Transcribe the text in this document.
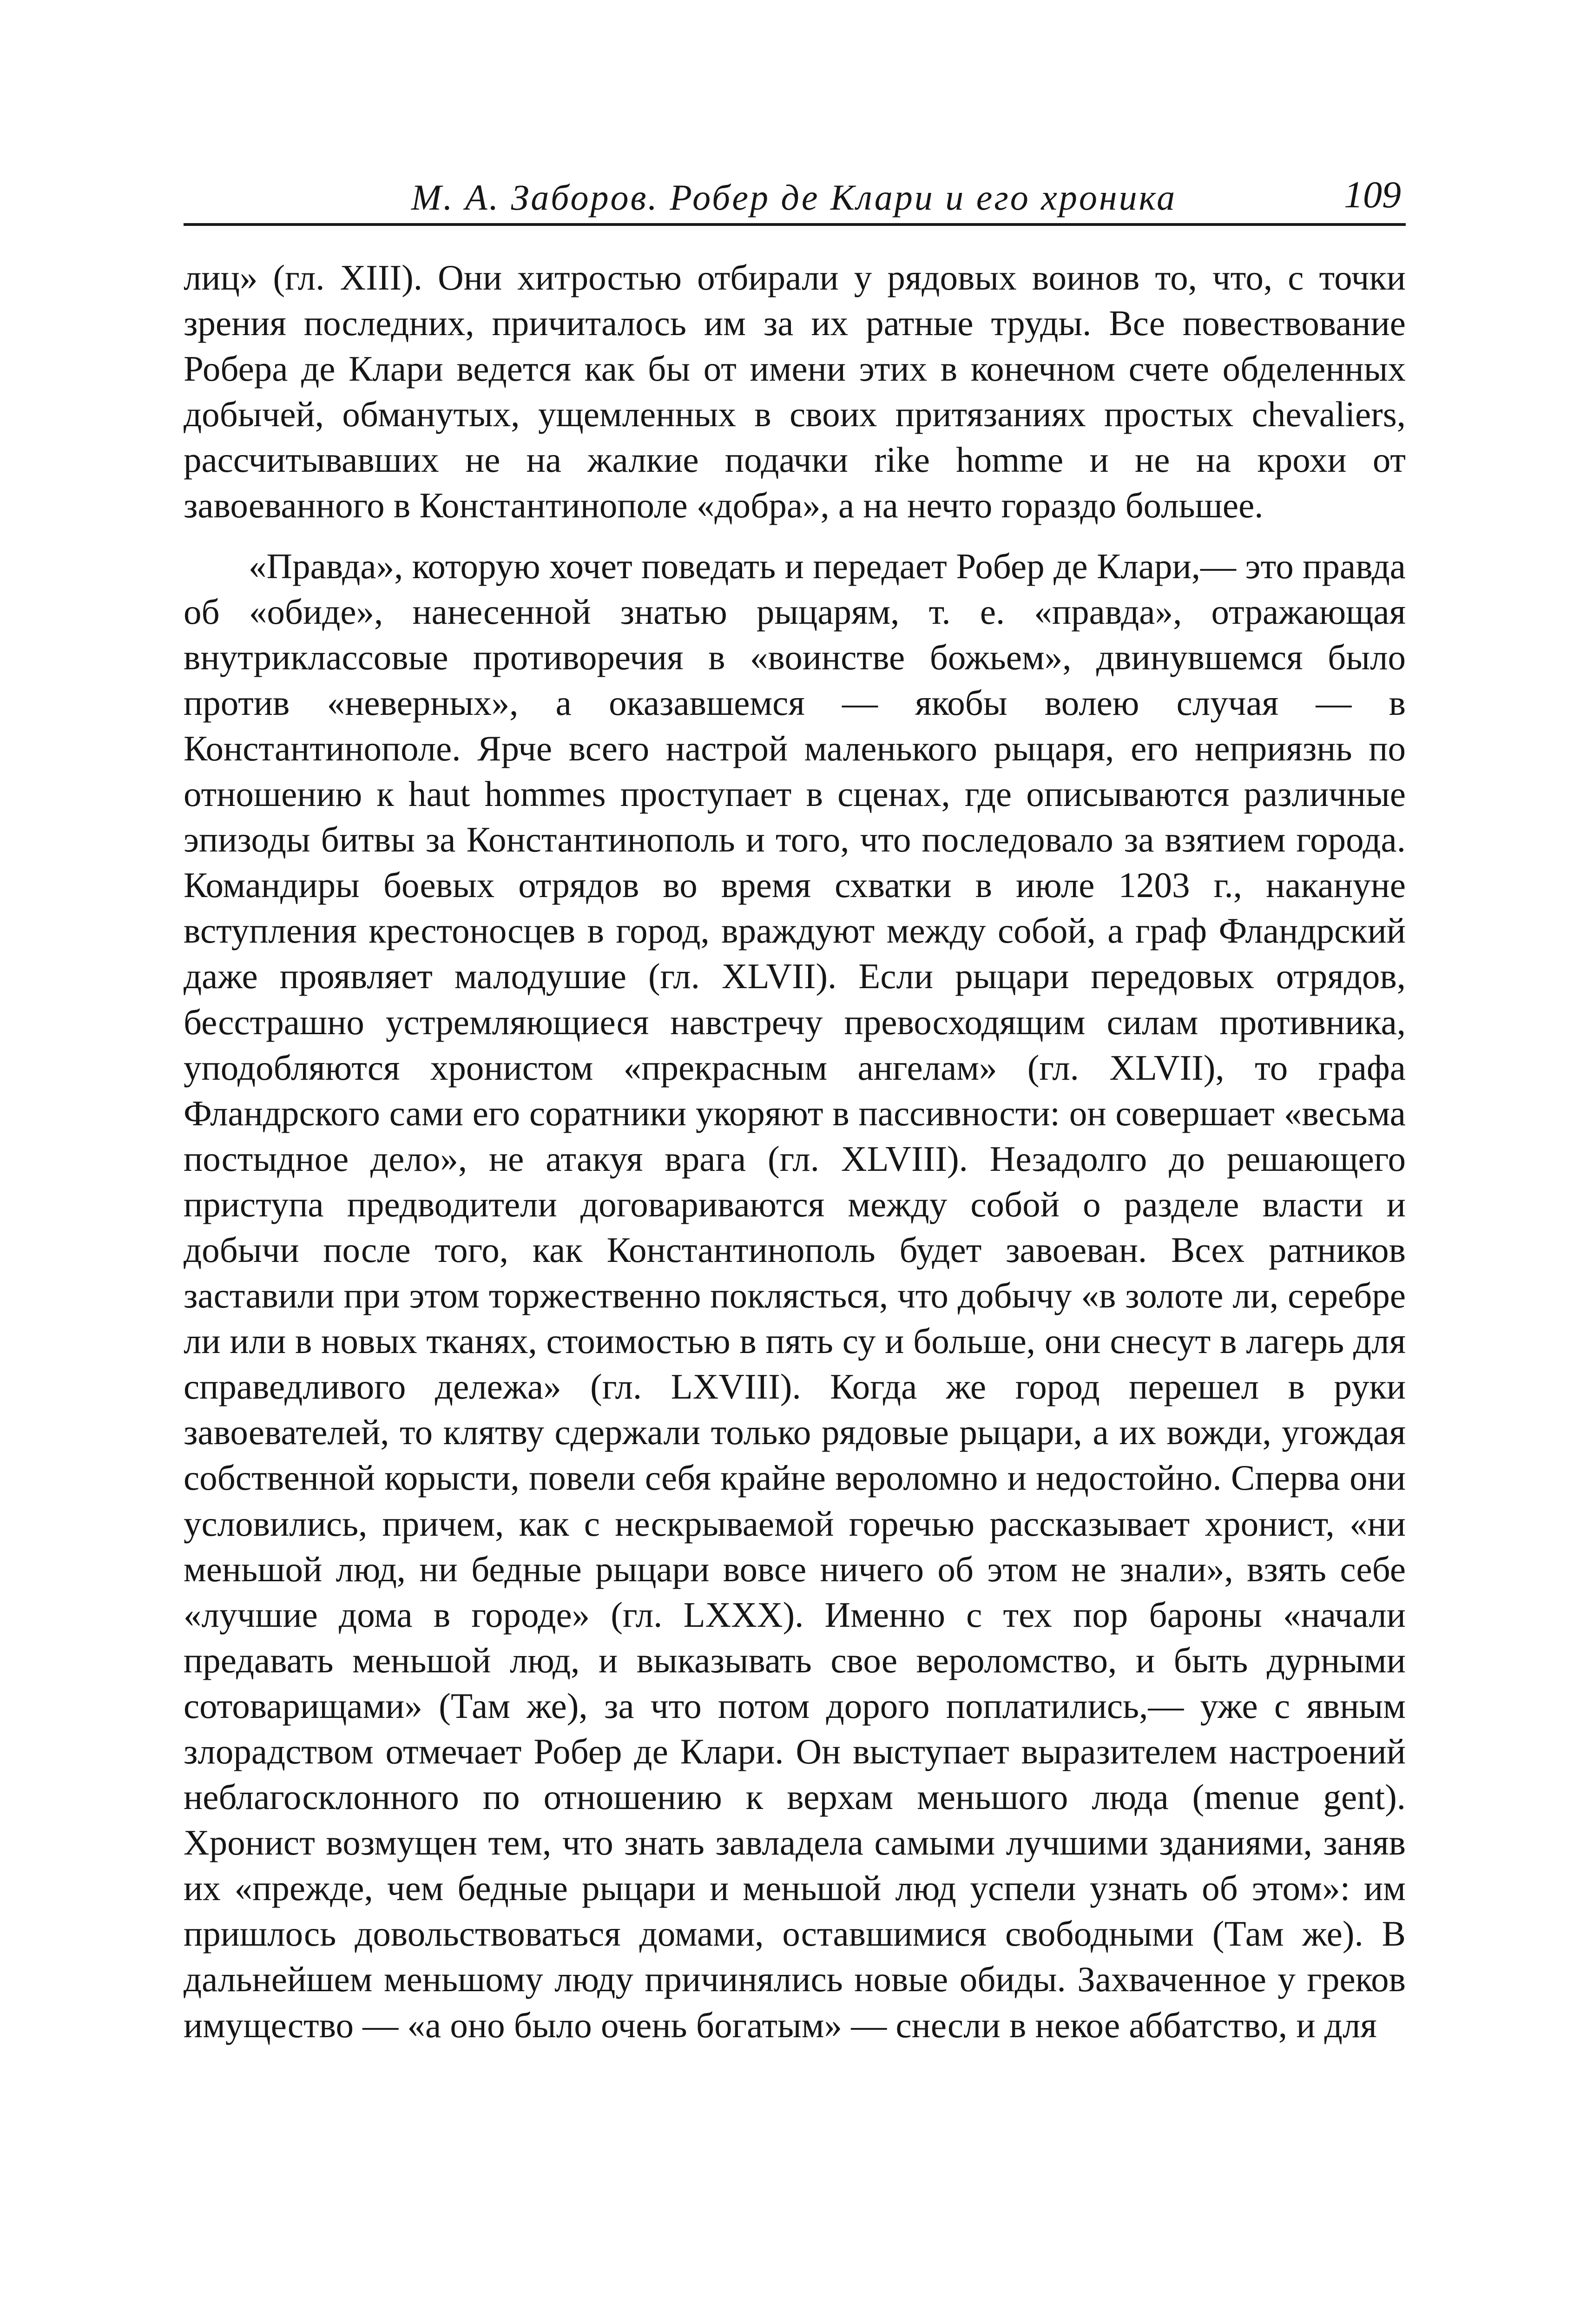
М. А. Заборов. Робер де Клари и его хроника	109

лиц» (гл. XIII). Они хитростью отбирали у рядовых воинов то, что, с точки зрения последних, причиталось им за их ратные труды. Все повествование Робера де Клари ведется как бы от имени этих в конечном счете обделенных добычей, обманутых, ущемленных в своих притязаниях простых chevaliers, рассчитывавших не на жалкие подачки rike homme и не на крохи от завоеванного в Константинополе «добра», а на нечто гораздо большее.

«Правда», которую хочет поведать и передает Робер де Клари,— это правда об «обиде», нанесенной знатью рыцарям, т. е. «правда», отражающая внутриклассовые противоречия в «воинстве божьем», двинувшемся было против «неверных», а оказавшемся — якобы волею случая — в Константинополе. Ярче всего настрой маленького рыцаря, его неприязнь по отношению к haut hommes проступает в сценах, где описываются различные эпизоды битвы за Константинополь и того, что последовало за взятием города. Командиры боевых отрядов во время схватки в июле 1203 г., накануне вступления крестоносцев в город, враждуют между собой, а граф Фландрский даже проявляет малодушие (гл. XLVII). Если рыцари передовых отрядов, бесстрашно устремляющиеся навстречу превосходящим силам противника, уподобляются хронистом «прекрасным ангелам» (гл. XLVII), то графа Фландрского сами его соратники укоряют в пассивности: он совершает «весьма постыдное дело», не атакуя врага (гл. XLVIII). Незадолго до решающего приступа предводители договариваются между собой о разделе власти и добычи после того, как Константинополь будет завоеван. Всех ратников заставили при этом торжественно поклясться, что добычу «в золоте ли, серебре ли или в новых тканях, стоимостью в пять су и больше, они снесут в лагерь для справедливого дележа» (гл. LXVIII). Когда же город перешел в руки завоевателей, то клятву сдержали только рядовые рыцари, а их вожди, угождая собственной корысти, повели себя крайне вероломно и недостойно. Сперва они условились, причем, как с нескрываемой горечью рассказывает хронист, «ни меньшой люд, ни бедные рыцари вовсе ничего об этом не знали», взять себе «лучшие дома в городе» (гл. LXXX). Именно с тех пор бароны «начали предавать меньшой люд, и выказывать свое вероломство, и быть дурными сотоварищами» (Там же), за что потом дорого поплатились,— уже с явным злорадством отмечает Робер де Клари. Он выступает выразителем настроений неблагосклонного по отношению к верхам меньшого люда (menue gent). Хронист возмущен тем, что знать завладела самыми лучшими зданиями, заняв их «прежде, чем бедные рыцари и меньшой люд успели узнать об этом»: им пришлось довольствоваться домами, оставшимися свободными (Там же). В дальнейшем меньшому люду причинялись новые обиды. Захваченное у греков имущество — «а оно было очень богатым» — снесли в некое аббатство, и для
